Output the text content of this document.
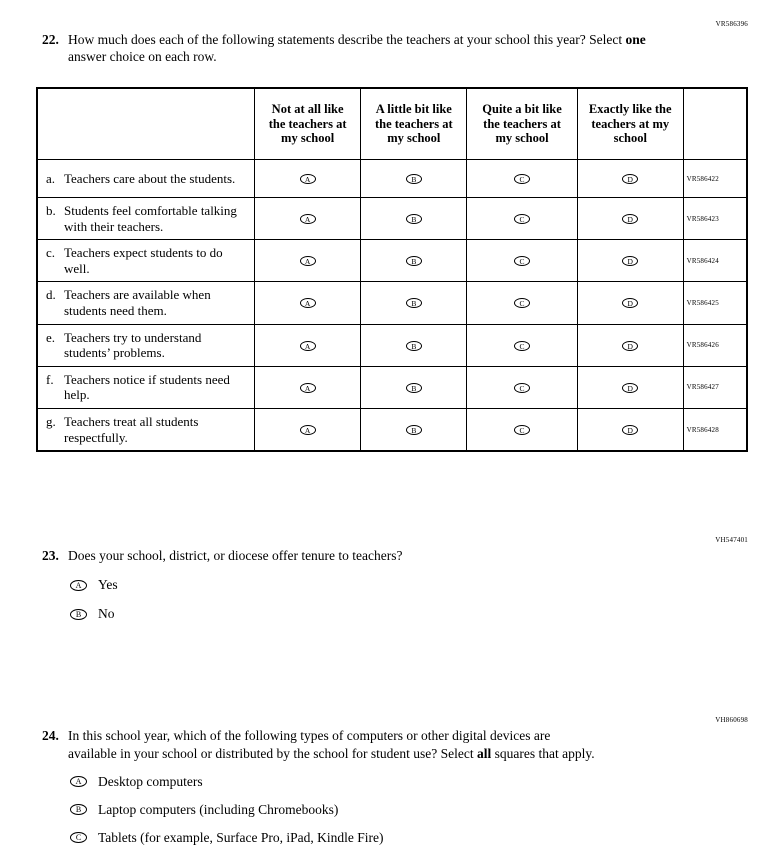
VR586396
22. How much does each of the following statements describe the teachers at your school this year? Select one answer choice on each row.
	Not at all like the teachers at my school	A little bit like the teachers at my school	Quite a bit like the teachers at my school	Exactly like the teachers at my school	

a. Teachers care about the students.	A	B	C	D	VR586422

b. Students feel comfortable talking with their teachers.	A	B	C	D	VR586423

c. Teachers expect students to do well.	A	B	C	D	VR586424

d. Teachers are available when students need them.	A	B	C	D	VR586425

e. Teachers try to understand students’ problems.	A	B	C	D	VR586426

f. Teachers notice if students need help.	A	B	C	D	VR586427

g. Teachers treat all students respectfully.	A	B	C	D	VR586428
VH547401
23. Does your school, district, or diocese offer tenure to teachers?
A	Yes
B	No
VH860698
24. In this school year, which of the following types of computers or other digital devices are available in your school or distributed by the school for student use? Select all squares that apply.
A	Desktop computers
B	Laptop computers (including Chromebooks)
C	Tablets (for example, Surface Pro, iPad, Kindle Fire)
